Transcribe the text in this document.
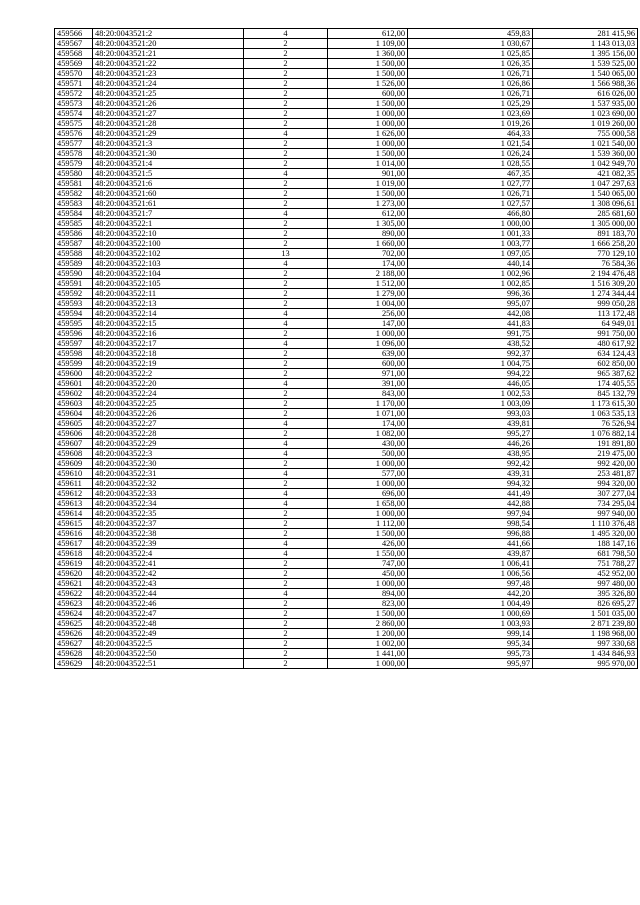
459566	48:20:0043521:2	4	612,00	459,83	281 415,96
459567	48:20:0043521:20	2	1 109,00	1 030,67	1 143 013,03
459568	48:20:0043521:21	2	1 360,00	1 025,85	1 395 156,00
459569	48:20:0043521:22	2	1 500,00	1 026,35	1 539 525,00
459570	48:20:0043521:23	2	1 500,00	1 026,71	1 540 065,00
459571	48:20:0043521:24	2	1 526,00	1 026,86	1 566 988,36
459572	48:20:0043521:25	2	600,00	1 026,71	616 026,00
459573	48:20:0043521:26	2	1 500,00	1 025,29	1 537 935,00
459574	48:20:0043521:27	2	1 000,00	1 023,69	1 023 690,00
459575	48:20:0043521:28	2	1 000,00	1 019,26	1 019 260,00
459576	48:20:0043521:29	4	1 626,00	464,33	755 000,58
459577	48:20:0043521:3	2	1 000,00	1 021,54	1 021 540,00
459578	48:20:0043521:30	2	1 500,00	1 026,24	1 539 360,00
459579	48:20:0043521:4	2	1 014,00	1 028,55	1 042 949,70
459580	48:20:0043521:5	4	901,00	467,35	421 082,35
459581	48:20:0043521:6	2	1 019,00	1 027,77	1 047 297,63
459582	48:20:0043521:60	2	1 500,00	1 026,71	1 540 065,00
459583	48:20:0043521:61	2	1 273,00	1 027,57	1 308 096,61
459584	48:20:0043521:7	4	612,00	466,80	285 681,60
459585	48:20:0043522:1	2	1 305,00	1 000,00	1 305 000,00
459586	48:20:0043522:10	2	890,00	1 001,33	891 183,70
459587	48:20:0043522:100	2	1 660,00	1 003,77	1 666 258,20
459588	48:20:0043522:102	13	702,00	1 097,05	770 129,10
459589	48:20:0043522:103	4	174,00	440,14	76 584,36
459590	48:20:0043522:104	2	2 188,00	1 002,96	2 194 476,48
459591	48:20:0043522:105	2	1 512,00	1 002,85	1 516 309,20
459592	48:20:0043522:11	2	1 279,00	996,36	1 274 344,44
459593	48:20:0043522:13	2	1 004,00	995,07	999 050,28
459594	48:20:0043522:14	4	256,00	442,08	113 172,48
459595	48:20:0043522:15	4	147,00	441,83	64 949,01
459596	48:20:0043522:16	2	1 000,00	991,75	991 750,00
459597	48:20:0043522:17	4	1 096,00	438,52	480 617,92
459598	48:20:0043522:18	2	639,00	992,37	634 124,43
459599	48:20:0043522:19	2	600,00	1 004,75	602 850,00
459600	48:20:0043522:2	2	971,00	994,22	965 387,62
459601	48:20:0043522:20	4	391,00	446,05	174 405,55
459602	48:20:0043522:24	2	843,00	1 002,53	845 132,79
459603	48:20:0043522:25	2	1 170,00	1 003,09	1 173 615,30
459604	48:20:0043522:26	2	1 071,00	993,03	1 063 535,13
459605	48:20:0043522:27	4	174,00	439,81	76 526,94
459606	48:20:0043522:28	2	1 082,00	995,27	1 076 882,14
459607	48:20:0043522:29	4	430,00	446,26	191 891,80
459608	48:20:0043522:3	4	500,00	438,95	219 475,00
459609	48:20:0043522:30	2	1 000,00	992,42	992 420,00
459610	48:20:0043522:31	4	577,00	439,31	253 481,87
459611	48:20:0043522:32	2	1 000,00	994,32	994 320,00
459612	48:20:0043522:33	4	696,00	441,49	307 277,04
459613	48:20:0043522:34	4	1 658,00	442,88	734 295,04
459614	48:20:0043522:35	2	1 000,00	997,94	997 940,00
459615	48:20:0043522:37	2	1 112,00	998,54	1 110 376,48
459616	48:20:0043522:38	2	1 500,00	996,88	1 495 320,00
459617	48:20:0043522:39	4	426,00	441,66	188 147,16
459618	48:20:0043522:4	4	1 550,00	439,87	681 798,50
459619	48:20:0043522:41	2	747,00	1 006,41	751 788,27
459620	48:20:0043522:42	2	450,00	1 006,56	452 952,00
459621	48:20:0043522:43	2	1 000,00	997,48	997 480,00
459622	48:20:0043522:44	4	894,00	442,20	395 326,80
459623	48:20:0043522:46	2	823,00	1 004,49	826 695,27
459624	48:20:0043522:47	2	1 500,00	1 000,69	1 501 035,00
459625	48:20:0043522:48	2	2 860,00	1 003,93	2 871 239,80
459626	48:20:0043522:49	2	1 200,00	999,14	1 198 968,00
459627	48:20:0043522:5	2	1 002,00	995,34	997 330,68
459628	48:20:0043522:50	2	1 441,00	995,73	1 434 846,93
459629	48:20:0043522:51	2	1 000,00	995,97	995 970,00
